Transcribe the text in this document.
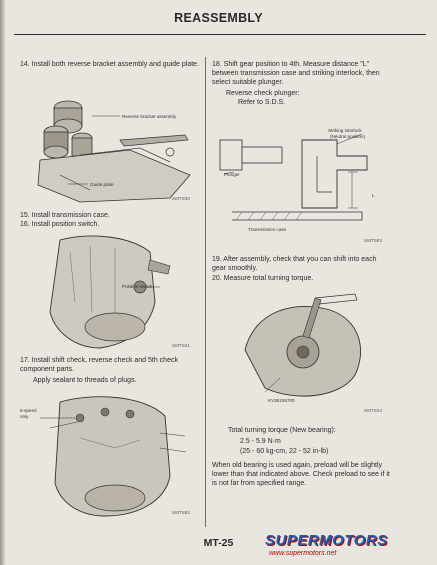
REASSEMBLY
14. Install both reverse bracket assembly and guide plate.
Reverse bracket assembly
Guide plate
SMT930
15. Install transmission case.
16. Install position switch.
Position switch
SMT931
17. Install shift check, reverse check and 5th check component parts.
Apply sealant to threads of plugs.
5-speed
only
SMT882
18. Shift gear position to 4th. Measure distance "L" between transmission case and striking interlock, then select suitable plunger.
Reverse check plunger:
Refer to S.D.S.
Striking interlock
(Neutral position)
Plunger
Transmission case
L
SMT983
19. After assembly, check that you can shift into each gear smoothly.
20. Measure total turning torque.
KV38106700
SMT934
Total turning torque (New bearing):
2.5 - 5.9 N·m
(25 - 60 kg-cm, 22 - 52 in-lb)
When old bearing is used again, preload will be slightly lower than that indicated above. Check preload to see if it is not far from specified range.
MT-25	SUPERMOTORS
www.supermotors.net
